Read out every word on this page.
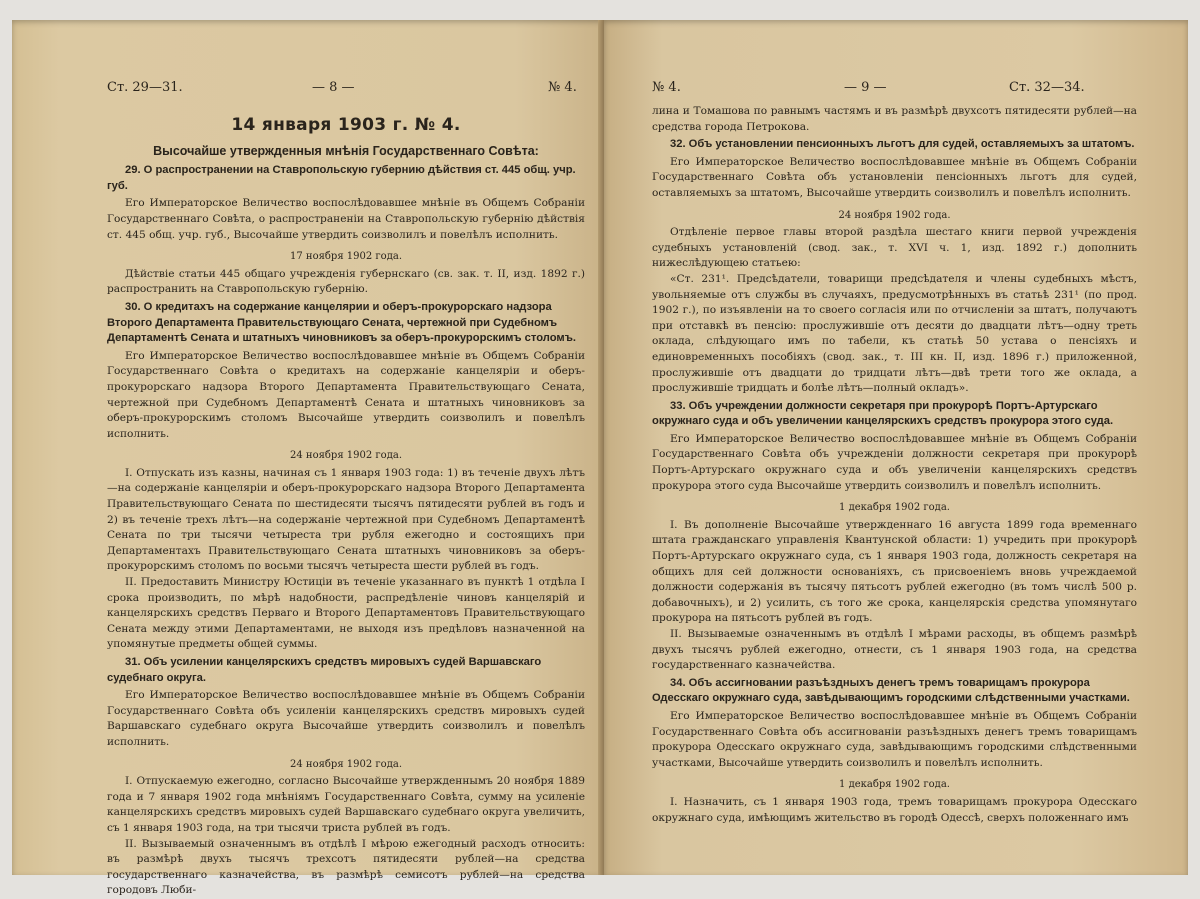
Ст. 29—31.	— 8 —	№ 4.
14 января 1903 г. № 4.
Высочайше утвержденныя мнѣнія Государственнаго Совѣта:
29. О распространении на Ставропольскую губернию дѣйствия ст. 445 общ. учр. губ.

Его Императорское Величество воспослѣдовавшее мнѣніе въ Общемъ Собраніи Государственнаго Совѣта, о распространеніи на Ставропольскую губернію дѣйствія ст. 445 общ. учр. губ., Высочайше утвердить соизволилъ и повелѣлъ исполнить.

17 ноября 1902 года.

Дѣйствіе статьи 445 общаго учрежденія губернскаго (св. зак. т. II, изд. 1892 г.) распространить на Ставропольскую губернію.

30. О кредитахъ на содержание канцелярии и оберъ-прокурорскаго надзора Второго Департамента Правительствующаго Сената, чертежной при Судебномъ Департаментѣ Сената и штатныхъ чиновниковъ за оберъ-прокурорскимъ столомъ.

Его Императорское Величество воспослѣдовавшее мнѣніе въ Общемъ Собраніи Государственнаго Совѣта о кредитахъ на содержаніе канцеляріи и оберъ-прокурорскаго надзора Второго Департамента Правительствующаго Сената, чертежной при Судебномъ Департаментѣ Сената и штатныхъ чиновниковъ за оберъ-прокурорскимъ столомъ Высочайше утвердить соизволилъ и повелѣлъ исполнить.

24 ноября 1902 года.

I. Отпускать изъ казны, начиная съ 1 января 1903 года: 1) въ теченіе двухъ лѣтъ—на содержаніе канцеляріи и оберъ-прокурорскаго надзора Второго Департамента Правительствующаго Сената по шестидесяти тысячъ пятидесяти рублей въ годъ и 2) въ теченіе трехъ лѣтъ—на содержаніе чертежной при Судебномъ Департаментѣ Сената по три тысячи четыреста три рубля ежегодно и состоящихъ при Департаментахъ Правительствующаго Сената штатныхъ чиновниковъ за оберъ-прокурорскимъ столомъ по восьми тысячъ четыреста шести рублей въ годъ.

II. Предоставить Министру Юстиціи въ теченіе указаннаго въ пунктѣ 1 отдѣла I срока производить, по мѣрѣ надобности, распредѣленіе чиновъ канцелярій и канцелярскихъ средствъ Перваго и Второго Департаментовъ Правительствующаго Сената между этими Департаментами, не выходя изъ предѣловъ назначенной на упомянутые предметы общей суммы.

31. Объ усилении канцелярскихъ средствъ мировыхъ судей Варшавскаго судебнаго округа.

Его Императорское Величество воспослѣдовавшее мнѣніе въ Общемъ Собраніи Государственнаго Совѣта объ усиленіи канцелярскихъ средствъ мировыхъ судей Варшавскаго судебнаго округа Высочайше утвердить соизволилъ и повелѣлъ исполнить.

24 ноября 1902 года.

I. Отпускаемую ежегодно, согласно Высочайше утвержденнымъ 20 ноября 1889 года и 7 января 1902 года мнѣніямъ Государственнаго Совѣта, сумму на усиленіе канцелярскихъ средствъ мировыхъ судей Варшавскаго судебнаго округа увеличить, съ 1 января 1903 года, на три тысячи триста рублей въ годъ.

II. Вызываемый означеннымъ въ отдѣлѣ I мѣрою ежегодный расходъ относить: въ размѣрѣ двухъ тысячъ трехсотъ пятидесяти рублей—на средства государственнаго казначейства, въ размѣрѣ семисотъ рублей—на средства городовъ Люби-

№ 4.	— 9 —	Ст. 32—34.

лина и Томашова по равнымъ частямъ и въ размѣрѣ двухсотъ пятидесяти рублей—на средства города Петрокова.

32. Объ установлении пенсионныхъ льготъ для судей, оставляемыхъ за штатомъ.

Его Императорское Величество воспослѣдовавшее мнѣніе въ Общемъ Собраніи Государственнаго Совѣта объ установленіи пенсіонныхъ льготъ для судей, оставляемыхъ за штатомъ, Высочайше утвердить соизволилъ и повелѣлъ исполнить.

24 ноября 1902 года.

Отдѣленіе первое главы второй раздѣла шестаго книги первой учрежденія судебныхъ установленій (свод. зак., т. XVI ч. 1, изд. 1892 г.) дополнить нижеслѣдующею статьею:

«Ст. 231¹. Предсѣдатели, товарищи предсѣдателя и члены судебныхъ мѣстъ, увольняемые отъ службы въ случаяхъ, предусмотрѣнныхъ въ статьѣ 231¹ (по прод. 1902 г.), по изъявленіи на то своего согласія или по отчисленіи за штатъ, получаютъ при отставкѣ въ пенсію: прослужившіе отъ десяти до двадцати лѣтъ—одну треть оклада, слѣдующаго имъ по табели, къ статьѣ 50 устава о пенсіяхъ и единовременныхъ пособіяхъ (свод. зак., т. III кн. II, изд. 1896 г.) приложенной, прослужившіе отъ двадцати до тридцати лѣтъ—двѣ трети того же оклада, а прослужившіе тридцать и болѣе лѣтъ—полный окладъ».

33. Объ учреждении должности секретаря при прокурорѣ Портъ-Артурскаго окружнаго суда и объ увеличении канцелярскихъ средствъ прокурора этого суда.

Его Императорское Величество воспослѣдовавшее мнѣніе въ Общемъ Собраніи Государственнаго Совѣта объ учрежденіи должности секретаря при прокурорѣ Портъ-Артурскаго окружнаго суда и объ увеличеніи канцелярскихъ средствъ прокурора этого суда Высочайше утвердить соизволилъ и повелѣлъ исполнить.

1 декабря 1902 года.

I. Въ дополненіе Высочайше утвержденнаго 16 августа 1899 года временнаго штата гражданскаго управленія Квантунской области: 1) учредить при прокурорѣ Портъ-Артурскаго окружнаго суда, съ 1 января 1903 года, должность секретаря на общихъ для сей должности основаніяхъ, съ присвоеніемъ вновь учреждаемой должности содержанія въ тысячу пятьсотъ рублей ежегодно (въ томъ числѣ 500 р. добавочныхъ), и 2) усилить, съ того же срока, канцелярскія средства упомянутаго прокурора на пятьсотъ рублей въ годъ.

II. Вызываемые означеннымъ въ отдѣлѣ I мѣрами расходы, въ общемъ размѣрѣ двухъ тысячъ рублей ежегодно, отнести, съ 1 января 1903 года, на средства государственнаго казначейства.

34. Объ ассигновании разъѣздныхъ денегъ тремъ товарищамъ прокурора Одесскаго окружнаго суда, завѣдывающимъ городскими слѣдственными участками.

Его Императорское Величество воспослѣдовавшее мнѣніе въ Общемъ Собраніи Государственнаго Совѣта объ ассигнованіи разъѣздныхъ денегъ тремъ товарищамъ прокурора Одесскаго окружнаго суда, завѣдывающимъ городскими слѣдственными участками, Высочайше утвердить соизволилъ и повелѣлъ исполнить.

1 декабря 1902 года.

I. Назначить, съ 1 января 1903 года, тремъ товарищамъ прокурора Одесскаго окружнаго суда, имѣющимъ жительство въ городѣ Одессѣ, сверхъ положеннаго имъ
